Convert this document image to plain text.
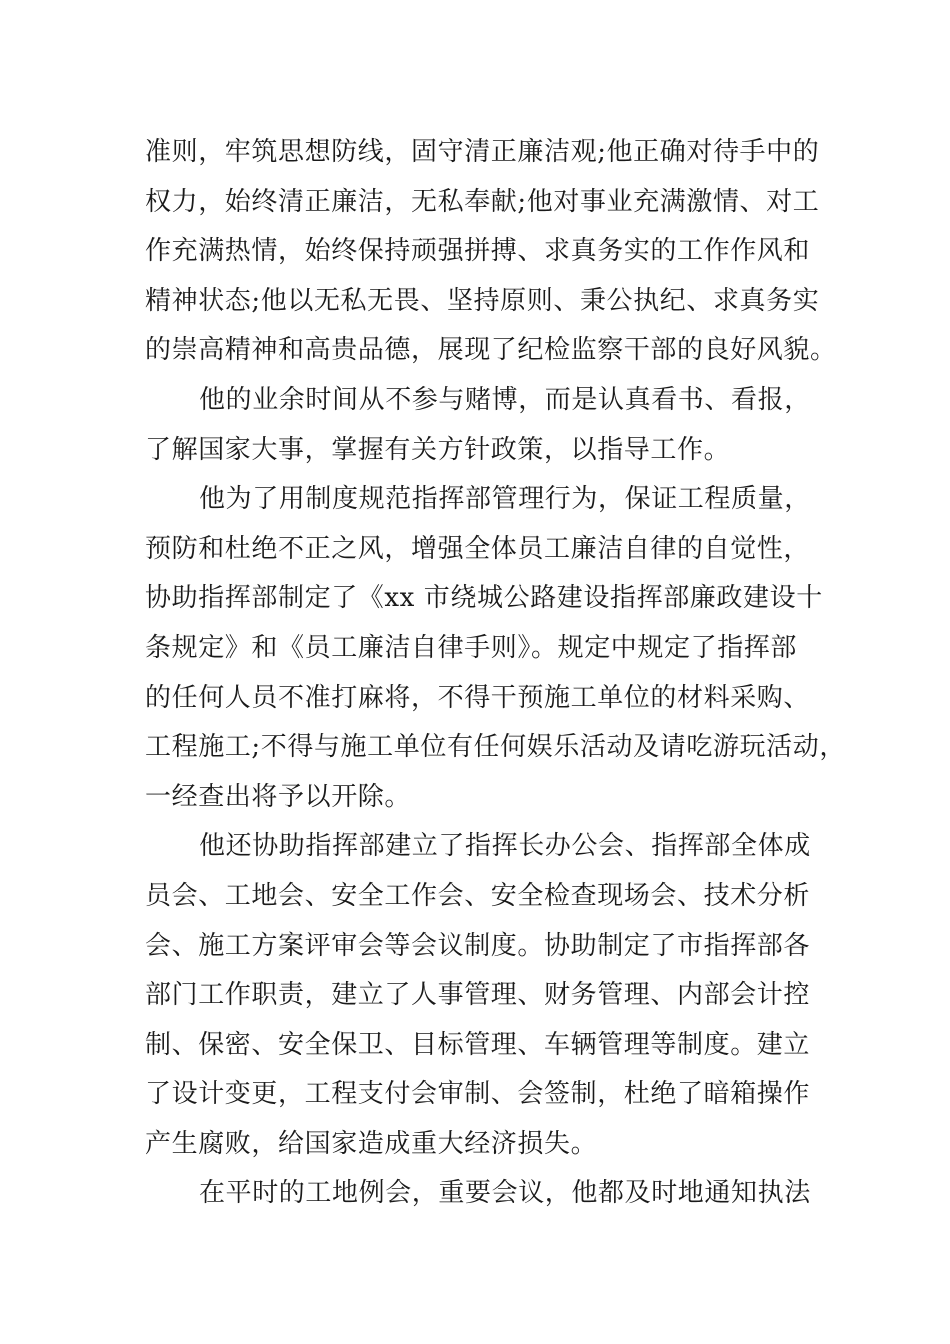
准则，牢筑思想防线，固守清正廉洁观;他正确对待手中的
权力，始终清正廉洁，无私奉献;他对事业充满激情、对工
作充满热情，始终保持顽强拼搏、求真务实的工作作风和
精神状态;他以无私无畏、坚持原则、秉公执纪、求真务实
的崇高精神和高贵品德，展现了纪检监察干部的良好风貌。
他的业余时间从不参与赌博，而是认真看书、看报，
了解国家大事，掌握有关方针政策，以指导工作。
他为了用制度规范指挥部管理行为，保证工程质量，
预防和杜绝不正之风，增强全体员工廉洁自律的自觉性，
协助指挥部制定了《xx 市绕城公路建设指挥部廉政建设十
条规定》和《员工廉洁自律手则》。规定中规定了指挥部
的任何人员不准打麻将，不得干预施工单位的材料采购、
工程施工;不得与施工单位有任何娱乐活动及请吃游玩活动，
一经查出将予以开除。
他还协助指挥部建立了指挥长办公会、指挥部全体成
员会、工地会、安全工作会、安全检查现场会、技术分析
会、施工方案评审会等会议制度。协助制定了市指挥部各
部门工作职责，建立了人事管理、财务管理、内部会计控
制、保密、安全保卫、目标管理、车辆管理等制度。建立
了设计变更，工程支付会审制、会签制，杜绝了暗箱操作
产生腐败，给国家造成重大经济损失。
在平时的工地例会，重要会议，他都及时地通知执法
